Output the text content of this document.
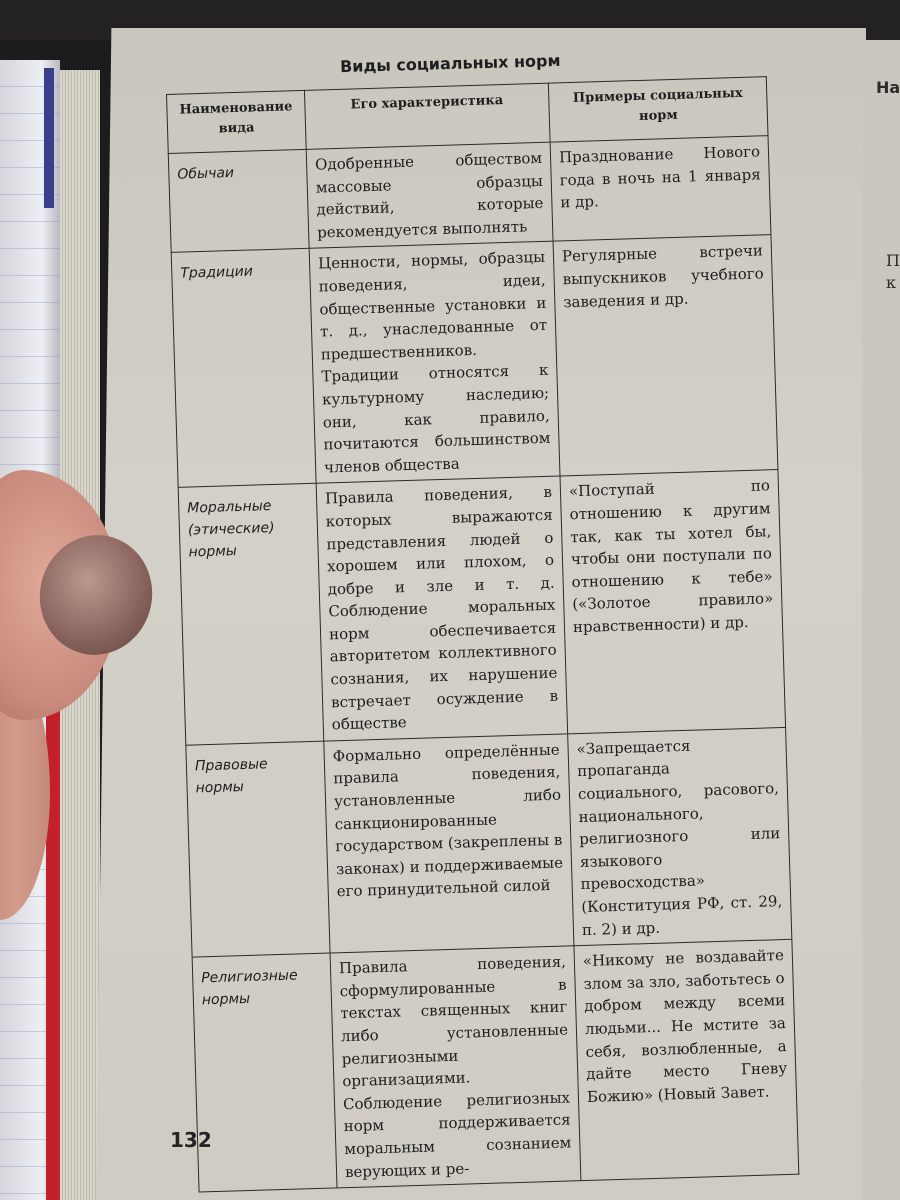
На
П к
Виды социальных норм
Наименование вида	Его характеристика	Примеры социальных норм
Обычаи	Одобренные обществом массовые образцы действий, которые рекомендуется выполнять	Празднование Нового года в ночь на 1 января и др.
Традиции	Ценности, нормы, образцы поведения, идеи, общественные установки и т. д., унаследованные от предшественников. Традиции относятся к культурному наследию; они, как правило, почитаются большинством членов общества	Регулярные встречи выпускников учебного заведения и др.
Моральные (этические) нормы	Правила поведения, в которых выражаются представления людей о хорошем или плохом, о добре и зле и т. д. Соблюдение моральных норм обеспечивается авторитетом коллективного сознания, их нарушение встречает осуждение в обществе	«Поступай по отношению к другим так, как ты хотел бы, чтобы они поступали по отношению к тебе» («Золотое правило» нравственности) и др.
Правовые нормы	Формально определённые правила поведения, установленные либо санкционированные государством (закреплены в законах) и поддерживаемые его принудительной силой	«Запрещается пропаганда социального, расового, национального, религиозного или языкового превосходства» (Конституция РФ, ст. 29, п. 2) и др.
Религиозные нормы	Правила поведения, сформулированные в текстах священных книг либо установленные религиозными организациями. Соблюдение религиозных норм поддерживается моральным сознанием верующих и ре-	«Никому не воздавайте злом за зло, заботьтесь о добром между всеми людьми... Не мстите за себя, возлюбленные, а дайте место Гневу Божию» (Новый Завет.
132
